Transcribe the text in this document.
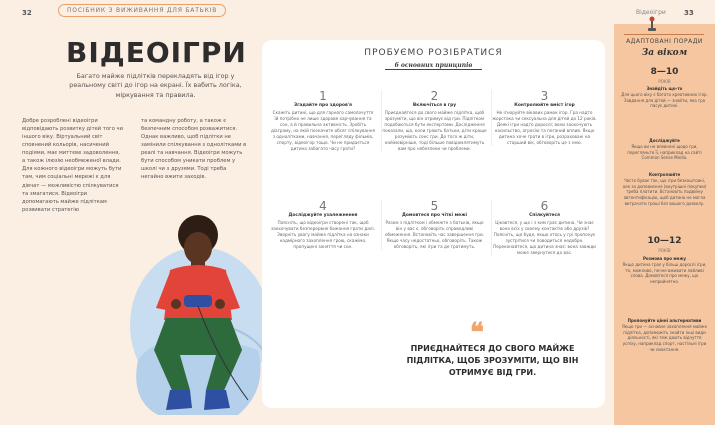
32	ПОСІБНИК З ВИЖИВАННЯ ДЛЯ БАТЬКІВ	Відеоігри	33
ВІДЕОІГРИ

Багато майже підлітків перекладять від ігор у реальному світі до ігор на екрані. Їх вабить логіка, міркування та правила.

Добре розроблені відеоігри відповідають розвитку дітей того чи іншого віку. Віртуальний світ сповнений кольорів, насичений подіями, має миттєве задоволення, а також ілюзію необмеженої влади. Для кожного відеоігри можуть бути там, чим соціальні мережі є для дівчат — можливістю спілкуватися та змагатися. Відеоігри допомагають майже підліткам розвивати стратегію

та командну роботу, а також є безпечним способом розважитися. Однак важливо, щоб підлітки не замінили спілкування з однолітками в реалі та навчання. Відеоігри можуть бути способом уникати проблем у школі чи з друзями. Тоді треба негайно вжити заходів.

ПРОБУЄМО РОЗІБРАТИСЯ
6 основних принципів
1
Згадайте про здоров'я
Скажіть дитині, що для гарного самопочуття їй потрібно не лише здорове харчування та сон, а й правильна активність. Зробіть діаграму, на якій позначите обсяг спілкування з однолітками, навчання, перегляду фільмів, спорту, відеоігор тощо. Чи не придається дитина забагато часу грати?
2
Включіться в гру
Приєднайтеся до свого майже підлітка, щоб зрозуміти, що він отримує від гри. Підлітком подобаються бути експертами. Дослідження показали, що, коли грають батьки, діти краще розуміють сенс гри. До того ж діти, найімовірніше, тоді більше повідомлятимуть вам про небезпеки чи проблеми.
3
Контролюйте вміст ігор
Не ігноруйте вікових рамок ігор. Гра надто жорстока чи сексуальна для дітей до 12 років. Деякі ігри надто дорослі; вони заохочують насильство, агресію та поганий вплив. Якщо дитина хоче грати в ігри, розраховані на старший вік, обговоріть це з нею.
4
Досліджуйте узалежнення
Поясніть, що відеоігри створені так, щоб заохочувати безперервне бажання грати далі. Зверніть увагу майже підлітка на ознаки надмірного захоплення грою, скажімо, пропущені заняття чи сон.
5
Домовтеся про чіткі межі
Разом з підлітком і обмежте з батьків, якщо він у вас є, обговоріть справедливі обмеження. Встановіть час завершення гри. Якщо часу недостатньо, обговоріть. Також обговоріть, які ігри та де гратимуть.
6
Спілкуйтеся
Цікавтеся, у що і з ким грає дитина. Чи знає вона всіх у своєму контактів або друзів? Поясніть, що буде, якщо хтось у грі пропонує зустрітися чи поводиться недобре. Переконайтеся, що дитина знає: вона завжди може звернутися до вас.
❝
ПРИЄДНАЙТЕСЯ ДО СВОГО МАЙЖЕ ПІДЛІТКА, ЩОБ ЗРОЗУМІТИ, ЩО ВІН ОТРИМУЄ ВІД ГРИ.
АДАПТОВАНІ ПОРАДИ
За віком
8—10
РОКІВ
Знайдіть що-то
Для цього віку є багато креативних ігор. Завдання для дітей — знайти, яка гра пасує дитині.
Досліджуйте
Якщо ви не впевнені щодо гри, перегляньте її, наприклад на сайті Common Sense Media.
Контролюйте
Часто буває так, що ігри безкоштовні, але за доповнення (внутрішні покупки) треба платити. Встановіть подвійну автентифікацію, щоб дитина не могла витрачати гроші без вашого дозволу.
10—12
РОКІВ
Розмова про межу
Якщо дитина грає у більш дорослі ігри, то, можливо, почне вживати лайливі слова. Домовтеся про межу, що неприйнятно.
Пропонуйте цінні альтернативи
Якщо гри — основне захоплення майже підлітка, допоможіть знайти інші види діяльності, які теж дають відчуття успіху, наприклад спорт, настільні ігри чи смоктання.
